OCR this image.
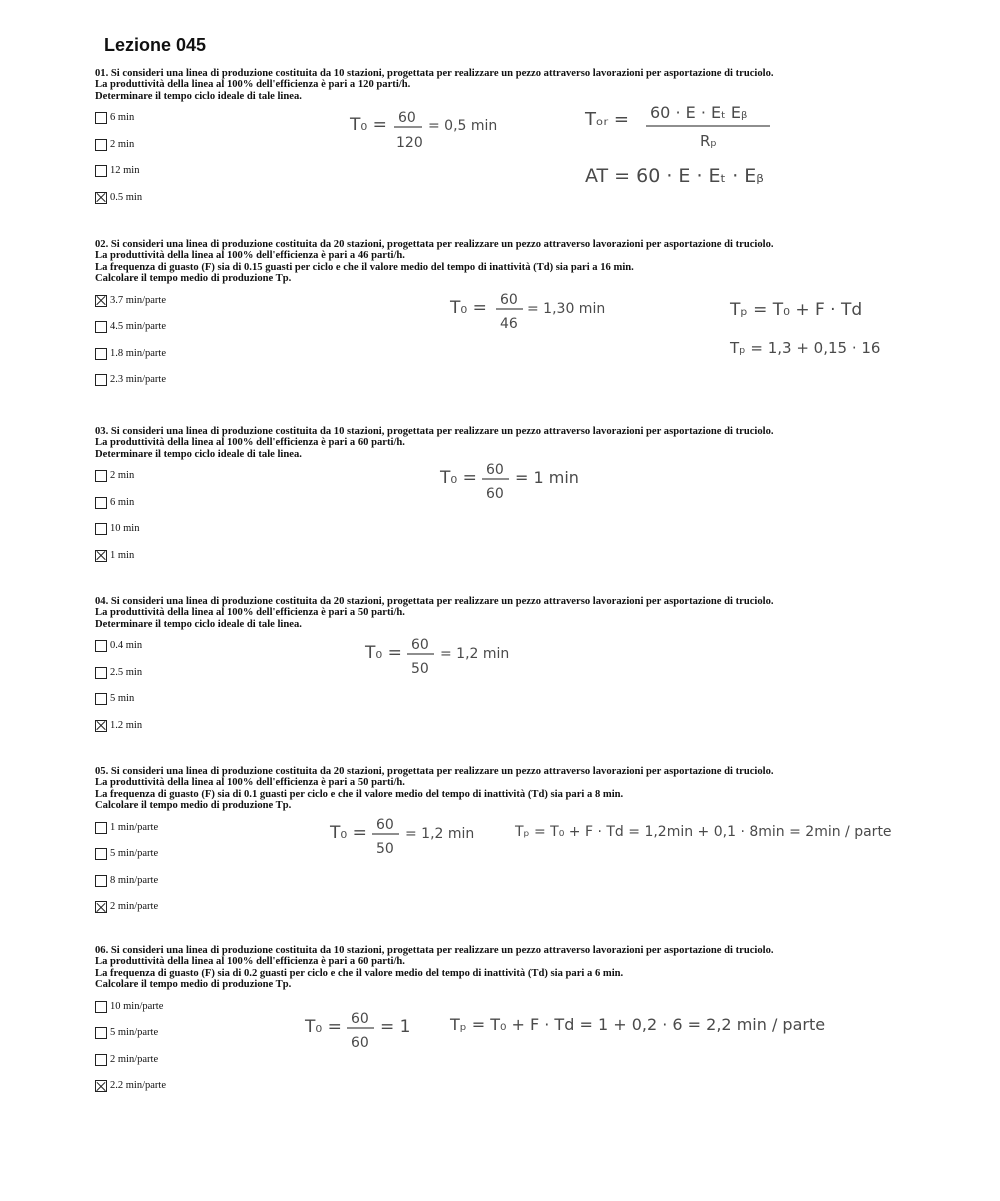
Lezione 045
01. Si consideri una linea di produzione costituita da 10 stazioni, progettata per realizzare un pezzo attraverso lavorazioni per asportazione di truciolo.
La produttività della linea al 100% dell'efficienza è pari a 120 parti/h.
Determinare il tempo ciclo ideale di tale linea.
6 min
2 min
12 min
0.5 min
02. Si consideri una linea di produzione costituita da 20 stazioni, progettata per realizzare un pezzo attraverso lavorazioni per asportazione di truciolo.
La produttività della linea al 100% dell'efficienza è pari a 46 parti/h.
La frequenza di guasto (F) sia di 0.15 guasti per ciclo e che il valore medio del tempo di inattività (Td) sia pari a 16 min.
Calcolare il tempo medio di produzione Tp.
3.7 min/parte
4.5 min/parte
1.8 min/parte
2.3 min/parte
03. Si consideri una linea di produzione costituita da 10 stazioni, progettata per realizzare un pezzo attraverso lavorazioni per asportazione di truciolo.
La produttività della linea al 100% dell'efficienza è pari a 60 parti/h.
Determinare il tempo ciclo ideale di tale linea.
2 min
6 min
10 min
1 min
04. Si consideri una linea di produzione costituita da 20 stazioni, progettata per realizzare un pezzo attraverso lavorazioni per asportazione di truciolo.
La produttività della linea al 100% dell'efficienza è pari a 50 parti/h.
Determinare il tempo ciclo ideale di tale linea.
0.4 min
2.5 min
5 min
1.2 min
05. Si consideri una linea di produzione costituita da 20 stazioni, progettata per realizzare un pezzo attraverso lavorazioni per asportazione di truciolo.
La produttività della linea al 100% dell'efficienza è pari a 50 parti/h.
La frequenza di guasto (F) sia di 0.1 guasti per ciclo e che il valore medio del tempo di inattività (Td) sia pari a 8 min.
Calcolare il tempo medio di produzione Tp.
1 min/parte
5 min/parte
8 min/parte
2 min/parte
06. Si consideri una linea di produzione costituita da 10 stazioni, progettata per realizzare un pezzo attraverso lavorazioni per asportazione di truciolo.
La produttività della linea al 100% dell'efficienza è pari a 60 parti/h.
La frequenza di guasto (F) sia di 0.2 guasti per ciclo e che il valore medio del tempo di inattività (Td) sia pari a 6 min.
Calcolare il tempo medio di produzione Tp.
10 min/parte
5 min/parte
2 min/parte
2.2 min/parte
T₀ = 60
120
= 0,5 min	Tₒᵣ = 60 · E · Eₜ Eᵦ
Rₚ
AT = 60 · E · Eₜ · Eᵦ
T₀ = 60
46
= 1,30 min	Tₚ = T₀ + F · Td
Tₚ = 1,3 + 0,15 · 16
T₀ = 60
60
= 1 min
T₀ = 60
50
= 1,2 min
T₀ = 60
50
= 1,2 min	Tₚ = T₀ + F · Td = 1,2min + 0,1 · 8min = 2min / parte
T₀ = 60
60
= 1 Tₚ = T₀ + F · Td = 1 + 0,2 · 6 = 2,2 min / parte
